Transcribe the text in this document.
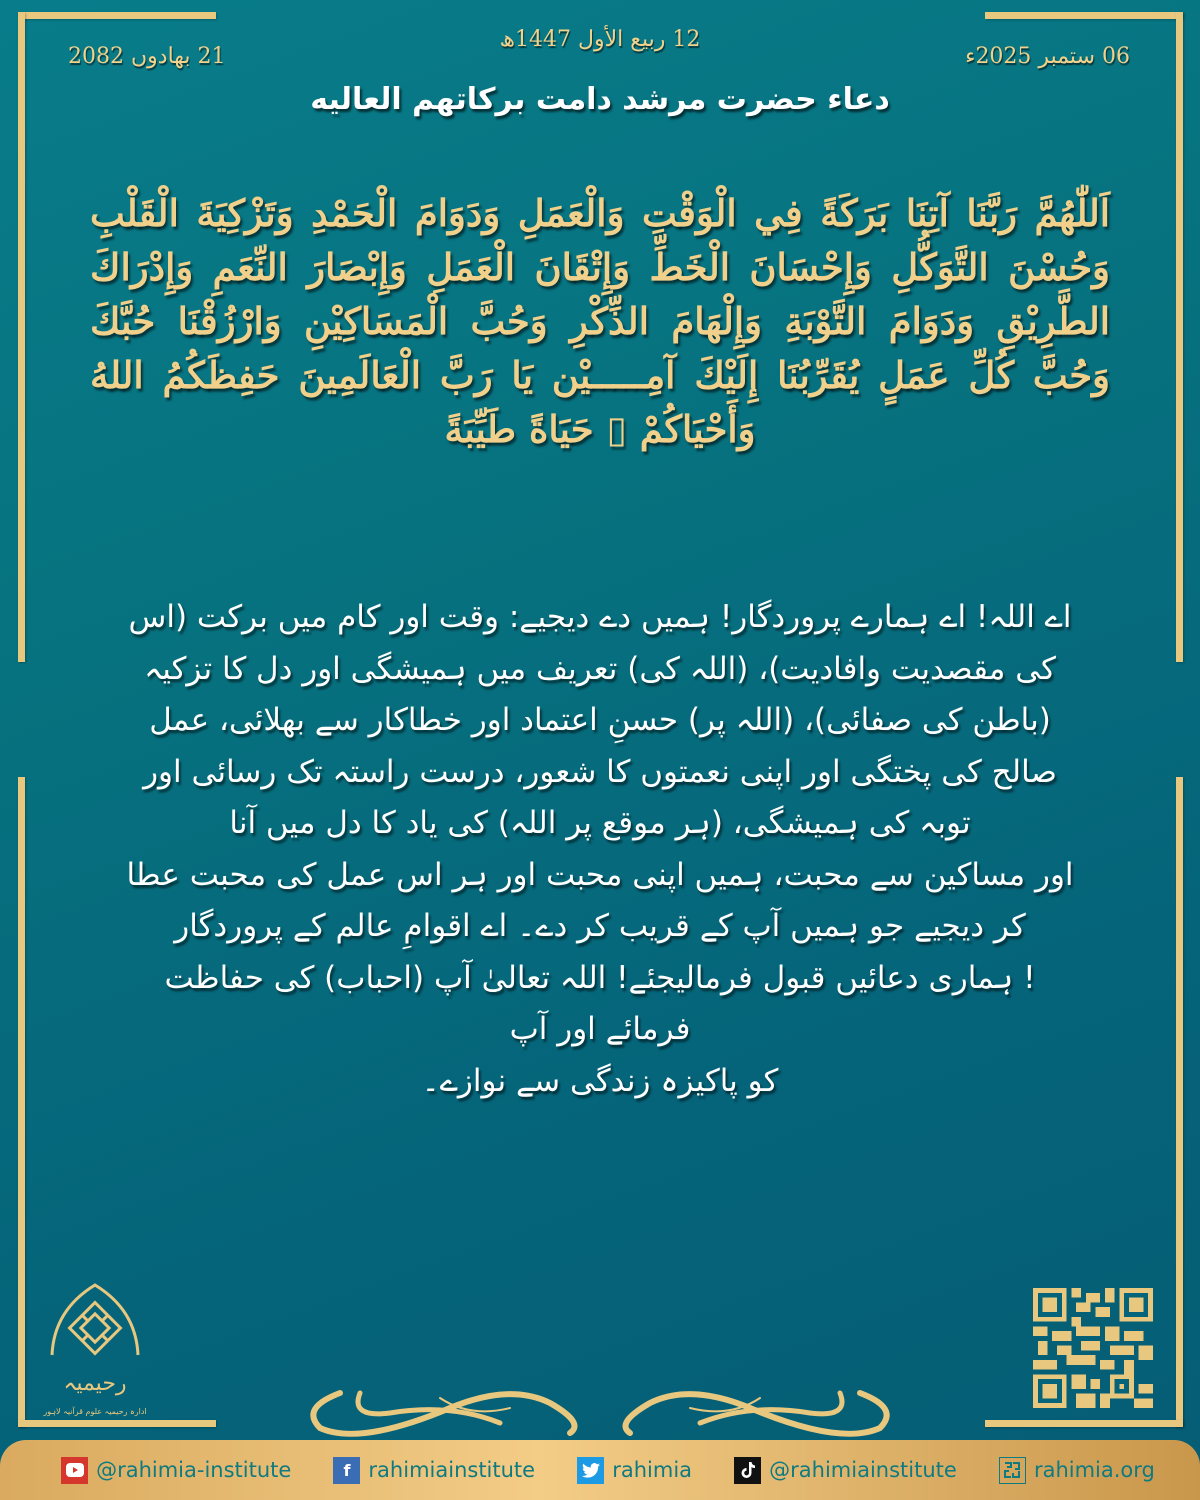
21 بھادوں 2082
12 ربیع الأول 1447ھ
06 ستمبر 2025ء
دعاء حضرت مرشد دامت برکاتھم العالیه
اَللّٰهُمَّ رَبَّنَا آتِنَا بَرَكَةً فِي الْوَقْتِ وَالْعَمَلِ وَدَوَامَ الْحَمْدِ وَتَزْكِيَةَ الْقَلْبِ وَحُسْنَ التَّوَكُّلِ وَإِحْسَانَ الْخَطِّ وَإِتْقَانَ الْعَمَلِ وَإِبْصَارَ النِّعَمِ وَإِدْرَاكَ الطَّرِيْقِ وَدَوَامَ التَّوْبَةِ وَإِلْهَامَ الذِّكْرِ وَحُبَّ الْمَسَاكِيْنِ وَارْزُقْنَا حُبَّكَ وَحُبَّ كُلِّ عَمَلٍ يُقَرِّبُنَا إِلَيْكَ آمِـــــيْن يَا رَبَّ الْعَالَمِينَ حَفِظَكُمُ اللهُ وَأَحْيَاكُمْ ▯ حَيَاةً طَيِّبَةً
اے اللہ! اے ہمارے پروردگار! ہمیں دے دیجیے: وقت اور کام میں برکت (اس
کی مقصدیت وافادیت)، (اللہ کی) تعریف میں ہمیشگی اور دل کا تزکیہ
(باطن کی صفائی)، (اللہ پر) حسنِ اعتماد اور خطاکار سے بھلائی، عمل
صالح کی پختگی اور اپنی نعمتوں کا شعور، درست راستہ تک رسائی اور
توبہ کی ہمیشگی، (ہر موقع پر اللہ) کی یاد کا دل میں آنا
اور مساکین سے محبت، ہمیں اپنی محبت اور ہر اس عمل کی محبت عطا
کر دیجیے جو ہمیں آپ کے قریب کر دے۔ اے اقوامِ عالم کے پروردگار
! ہماری دعائیں قبول فرمالیجئے! اللہ تعالیٰ آپ (احباب) کی حفاظت فرمائے اور آپ
کو پاکیزہ زندگی سے نوازے۔
رحیمیہ
ادارہ رحیمیہ علوم قرآنیہ لاہور
@rahimia-institute	f rahimiainstitute	rahimia	@rahimiainstitute	rahimia.org
